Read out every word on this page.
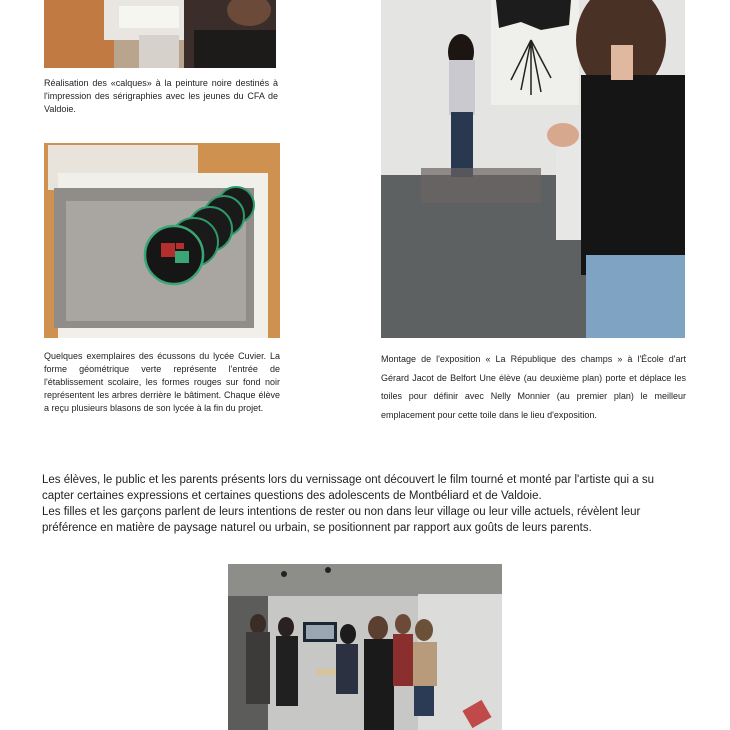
Réalisation des «calques» à la peinture noire destinés à l'impression des sérigraphies avec les jeunes du CFA de Valdoie.
Quelques exemplaires des écussons du lycée Cuvier. La forme géométrique verte représente l'entrée de l'établissement scolaire, les formes rouges sur fond noir représentent les arbres derrière le bâtiment. Chaque élève a reçu plusieurs blasons de son lycée à la fin du projet.
Montage de l'exposition « La République des champs » à l'École d'art Gérard Jacot de Belfort Une élève (au deuxième plan) porte et déplace les toiles pour définir avec Nelly Monnier (au premier plan) le meilleur emplacement pour cette toile dans le lieu d'exposition.

Les élèves, le public et les parents présents lors du vernissage ont découvert le film tourné et monté par l'artiste qui a su capter certaines expressions et certaines questions des adolescents de Montbéliard et de Valdoie.

Les filles et les garçons parlent de leurs intentions de rester ou non dans leur village ou leur ville actuels, révèlent leur préférence en matière de paysage naturel ou urbain, se positionnent par rapport aux goûts de leurs parents.
